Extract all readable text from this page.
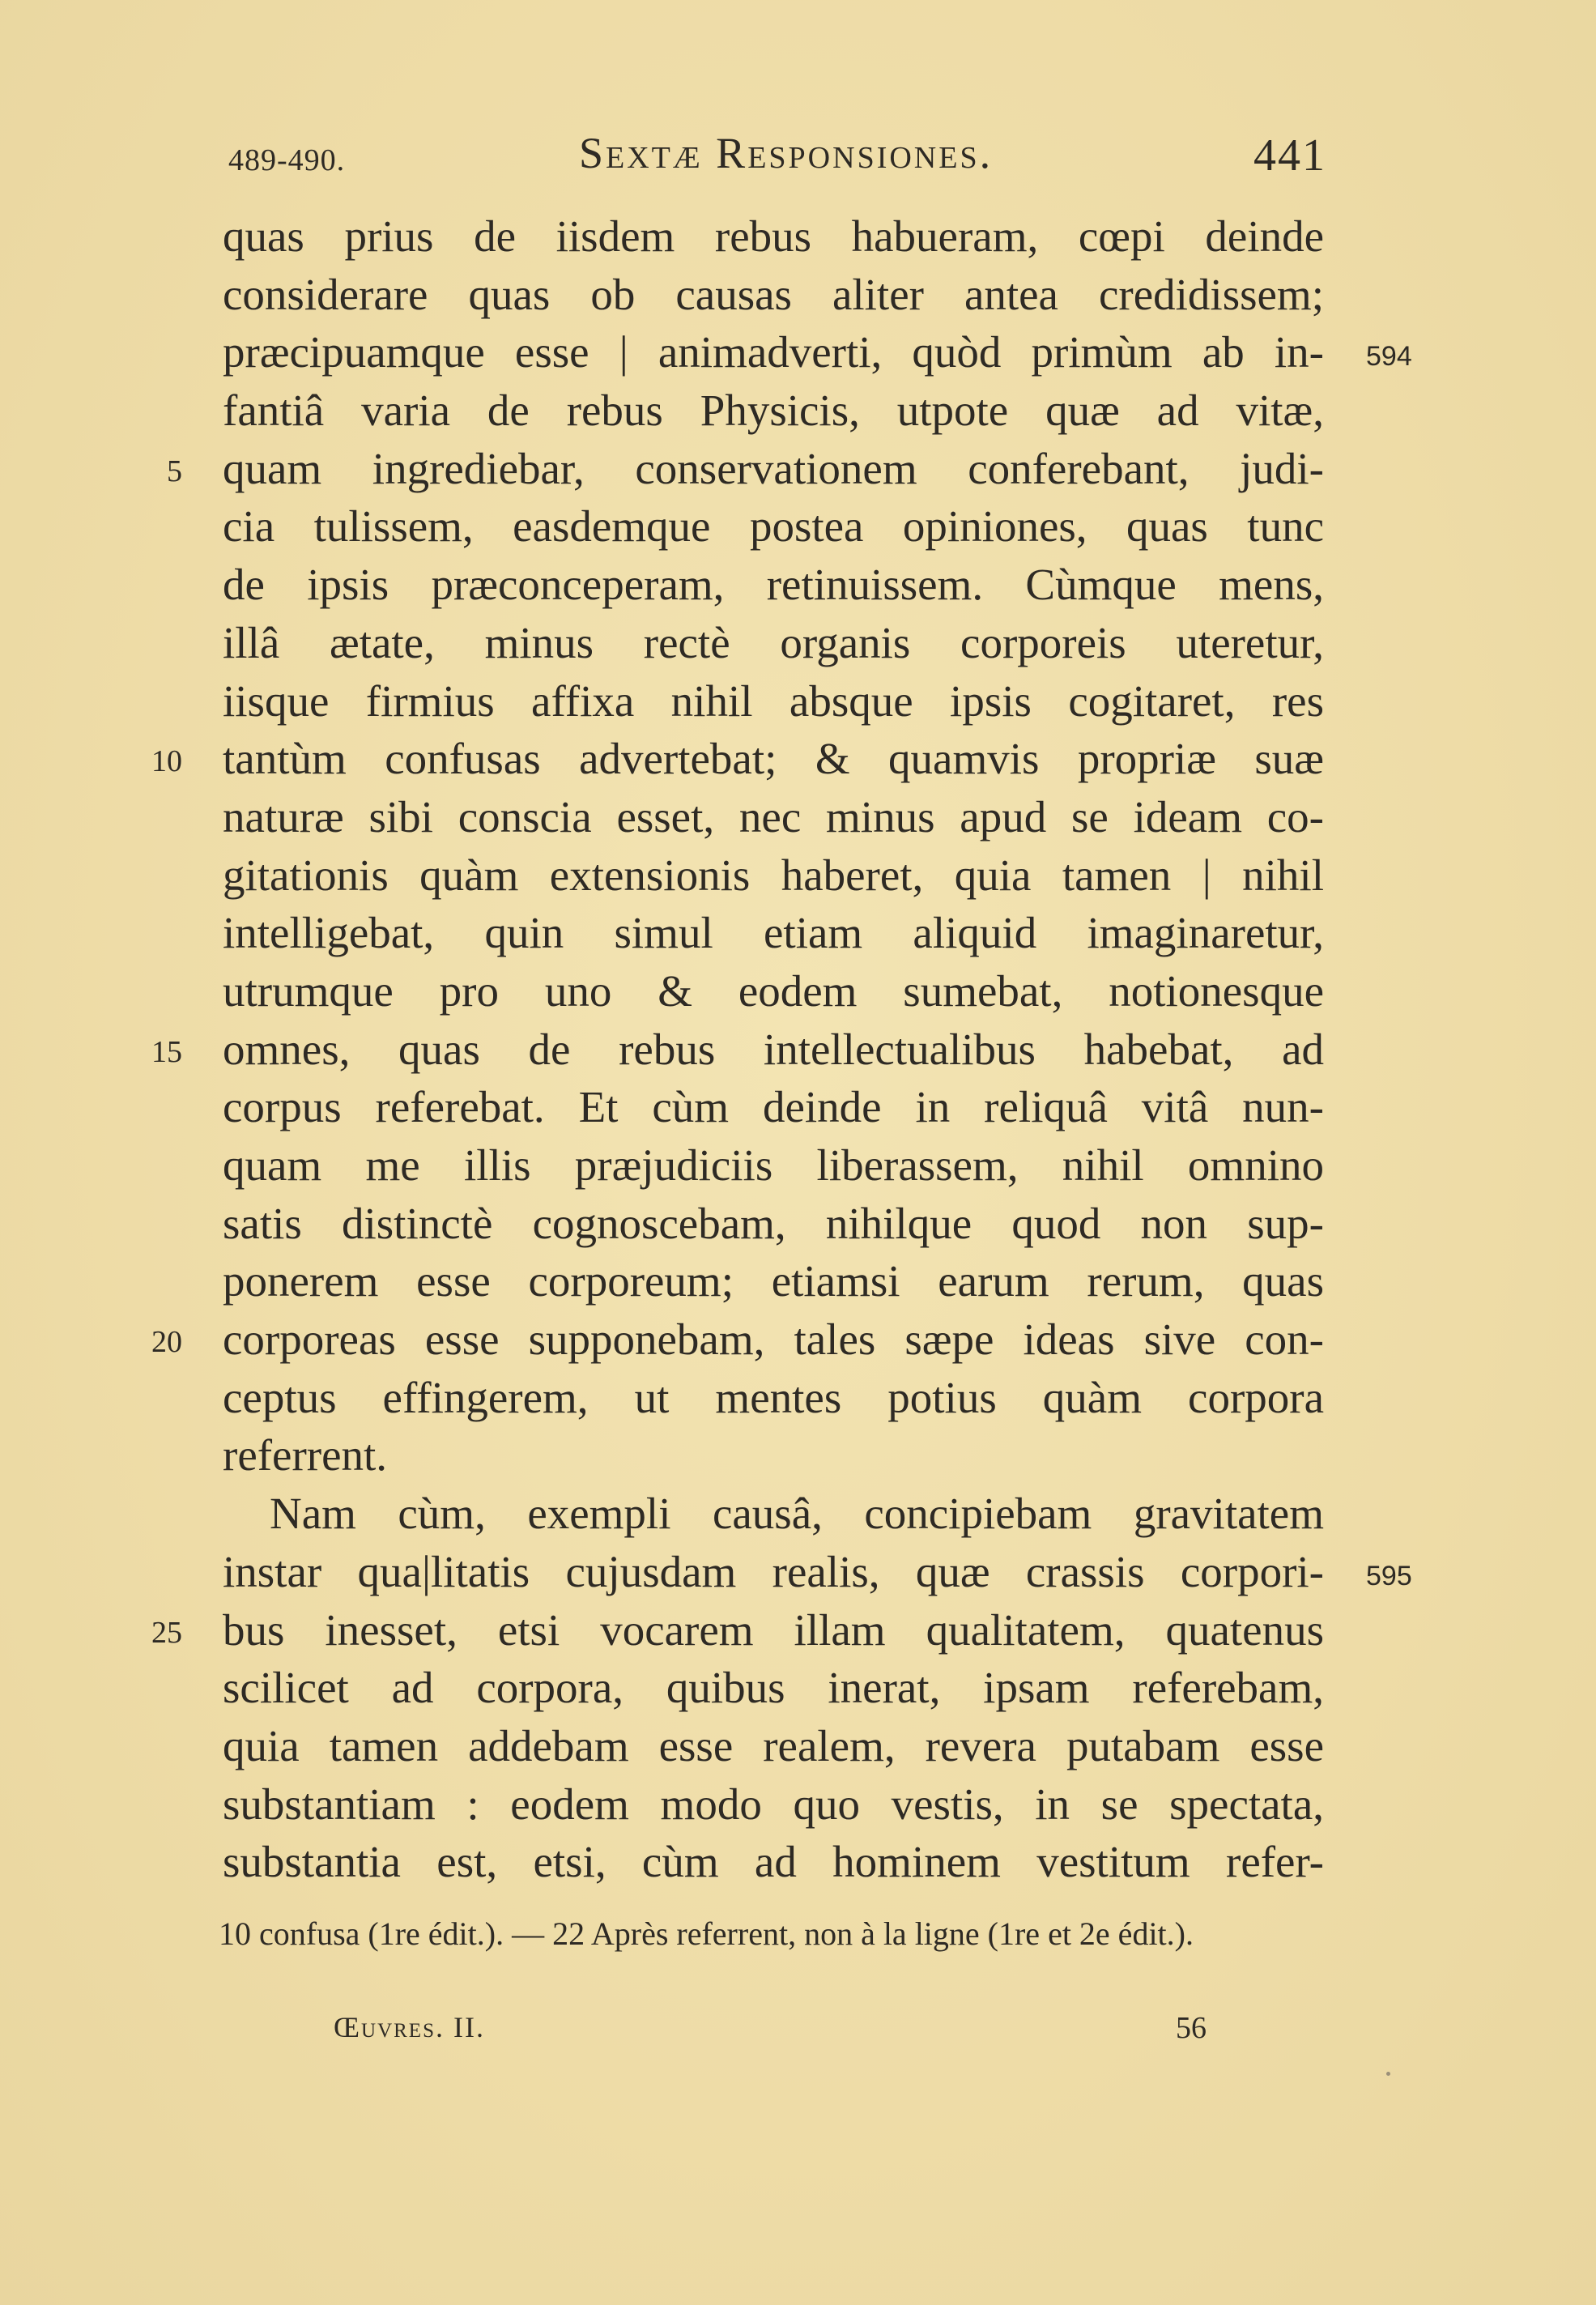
489-490.	Sextæ Responsiones.	441
quas prius de iisdem rebus habueram, cœpi deinde
considerare quas ob causas aliter antea credidissem;
præcipuamque esse | animadverti, quòd primùm ab in- 594
fantiâ varia de rebus Physicis, utpote quæ ad vitæ,
5 quam ingrediebar, conservationem conferebant, judi-
cia tulissem, easdemque postea opiniones, quas tunc
de ipsis præconceperam, retinuissem. Cùmque mens,
illâ ætate, minus rectè organis corporeis uteretur,
iisque firmius affixa nihil absque ipsis cogitaret, res
10 tantùm confusas advertebat; & quamvis propriæ suæ
naturæ sibi conscia esset, nec minus apud se ideam co-
gitationis quàm extensionis haberet, quia tamen | nihil
intelligebat, quin simul etiam aliquid imaginaretur,
utrumque pro uno & eodem sumebat, notionesque
15 omnes, quas de rebus intellectualibus habebat, ad
corpus referebat. Et cùm deinde in reliquâ vitâ nun-
quam me illis præjudiciis liberassem, nihil omnino
satis distinctè cognoscebam, nihilque quod non sup-
ponerem esse corporeum; etiamsi earum rerum, quas
20 corporeas esse supponebam, tales sæpe ideas sive con-
ceptus effingerem, ut mentes potius quàm corpora
referrent.
Nam cùm, exempli causâ, concipiebam gravitatem
instar qua|litatis cujusdam realis, quæ crassis corpori- 595
25 bus inesset, etsi vocarem illam qualitatem, quatenus
scilicet ad corpora, quibus inerat, ipsam referebam,
quia tamen addebam esse realem, revera putabam esse
substantiam : eodem modo quo vestis, in se spectata,
substantia est, etsi, cùm ad hominem vestitum refer-
10 confusa (1re édit.). — 22 Après referrent, non à la ligne (1re et 2e édit.).
Œuvres. II.	56
